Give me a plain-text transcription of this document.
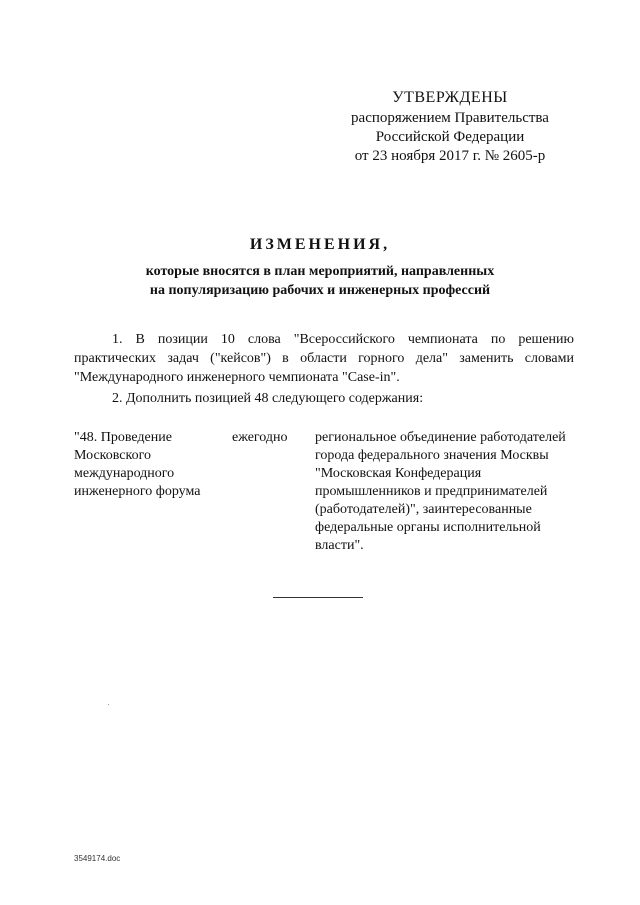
УТВЕРЖДЕНЫ
распоряжением Правительства
Российской Федерации
от 23 ноября 2017 г. № 2605-р
ИЗМЕНЕНИЯ,
которые вносятся в план мероприятий, направленных
на популяризацию рабочих и инженерных профессий
1. В позиции 10 слова "Всероссийского чемпионата по решению практических задач ("кейсов") в области горного дела" заменить словами "Международного инженерного чемпионата "Case-in".
2. Дополнить позицией 48 следующего содержания:
"48. Проведение Московского международного инженерного форума
ежегодно	региональное объединение работодателей города федерального значения Москвы "Московская Конфедерация промышленников и предпринимателей (работодателей)", заинтересованные федеральные органы исполнительной власти".
3549174.doc
